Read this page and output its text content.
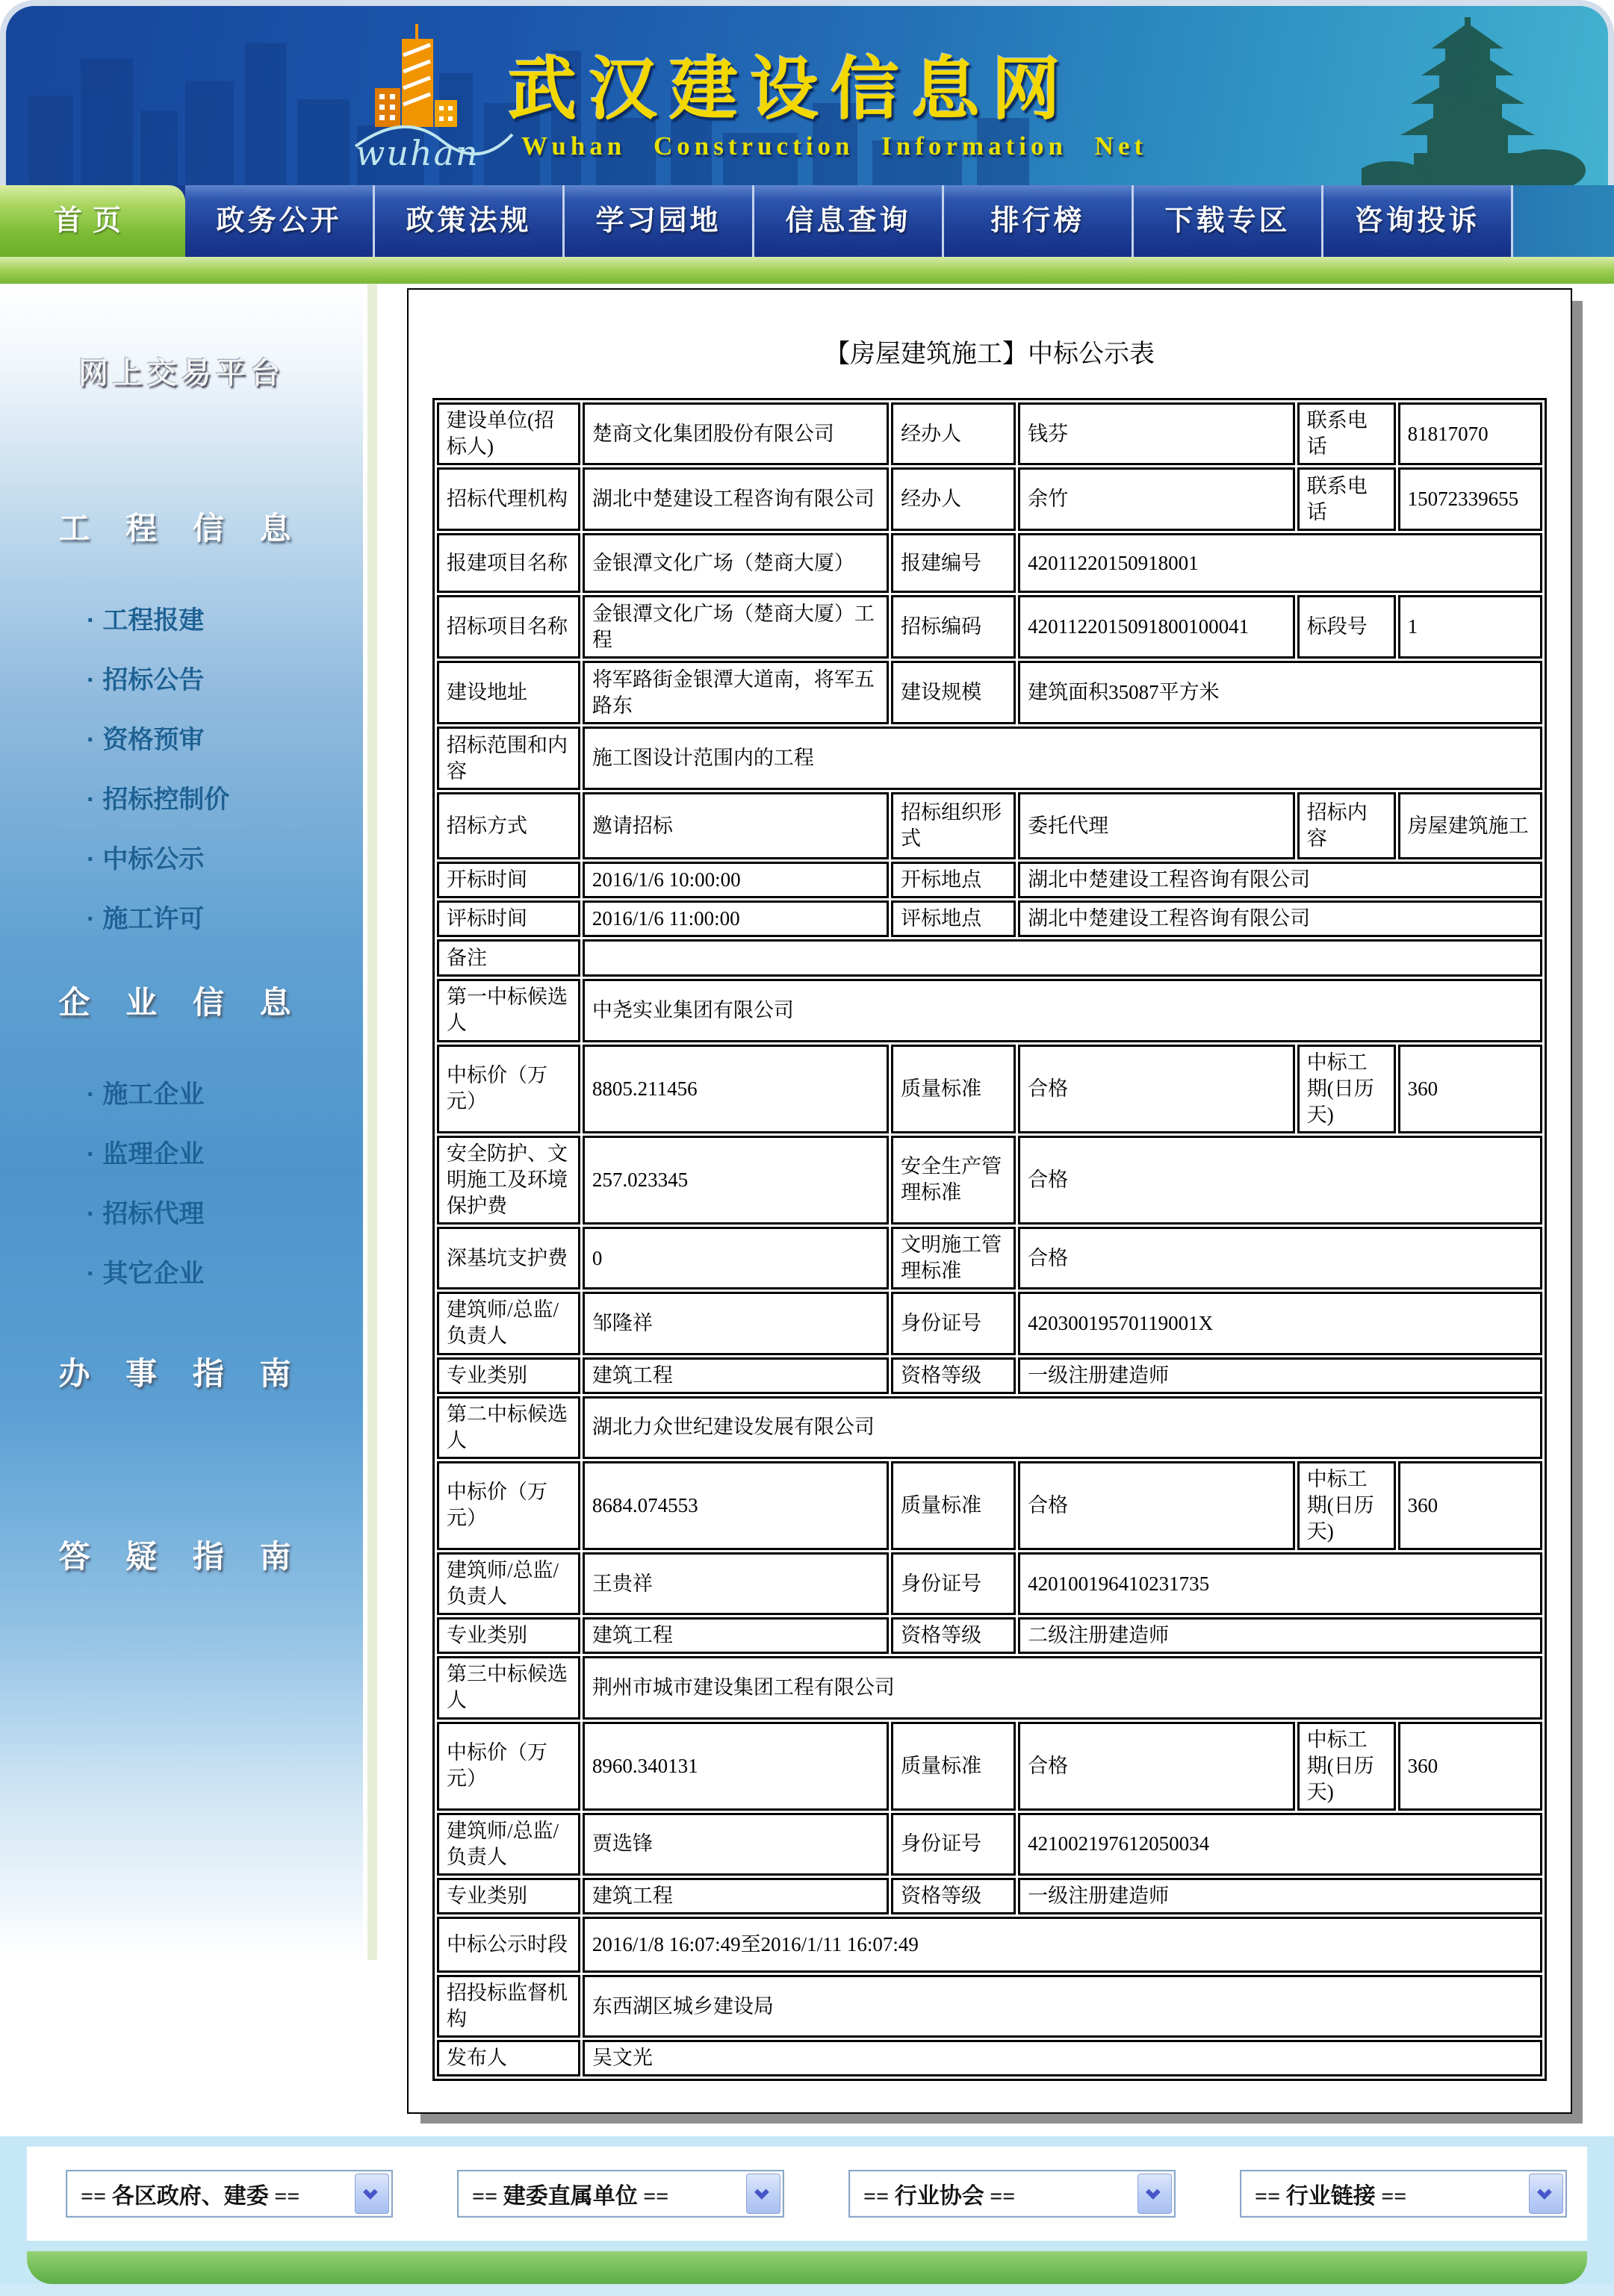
wuhan
武汉建设信息网
Wuhan Construction Information Net
首页	政务公开	政策法规	学习园地	信息查询	排行榜	下载专区	咨询投诉
网上交易平台
工 程 信 息
· 工程报建
· 招标公告
· 资格预审
· 招标控制价
· 中标公示
· 施工许可
企 业 信 息
· 施工企业
· 监理企业
· 招标代理
· 其它企业
办 事 指 南
答 疑 指 南
【房屋建筑施工】中标公示表
建设单位(招标人)	楚商文化集团股份有限公司	经办人	钱芬	联系电话	81817070
招标代理机构	湖北中楚建设工程咨询有限公司	经办人	余竹	联系电话	15072339655
报建项目名称	金银潭文化广场（楚商大厦）	报建编号	42011220150918001		
招标项目名称	金银潭文化广场（楚商大厦）工程	招标编码	4201122015091800100041	标段号	1
建设地址	将军路街金银潭大道南，将军五路东	建设规模	建筑面积35087平方米		
招标范围和内容	施工图设计范围内的工程				
招标方式	邀请招标	招标组织形式	委托代理	招标内容	房屋建筑施工
开标时间	2016/1/6 10:00:00	开标地点	湖北中楚建设工程咨询有限公司		
评标时间	2016/1/6 11:00:00	评标地点	湖北中楚建设工程咨询有限公司		
备注					
第一中标候选人	中尧实业集团有限公司				
中标价（万元）	8805.211456	质量标准	合格	中标工期(日历天)	360
安全防护、文明施工及环境保护费	257.023345	安全生产管理标准	合格		
深基坑支护费	0	文明施工管理标准	合格		
建筑师/总监/负责人	邹隆祥	身份证号	42030019570119001X		
专业类别	建筑工程	资格等级	一级注册建造师		
第二中标候选人	湖北力众世纪建设发展有限公司				
中标价（万元）	8684.074553	质量标准	合格	中标工期(日历天)	360
建筑师/总监/负责人	王贵祥	身份证号	420100196410231735		
专业类别	建筑工程	资格等级	二级注册建造师		
第三中标候选人	荆州市城市建设集团工程有限公司				
中标价（万元）	8960.340131	质量标准	合格	中标工期(日历天)	360
建筑师/总监/负责人	贾选锋	身份证号	421002197612050034		
专业类别	建筑工程	资格等级	一级注册建造师		
中标公示时段	2016/1/8 16:07:49至2016/1/11 16:07:49				
招投标监督机构	东西湖区城乡建设局				
发布人	吴文光				
== 各区政府、建委 ==	== 建委直属单位 ==	== 行业协会 ==	== 行业链接 ==
